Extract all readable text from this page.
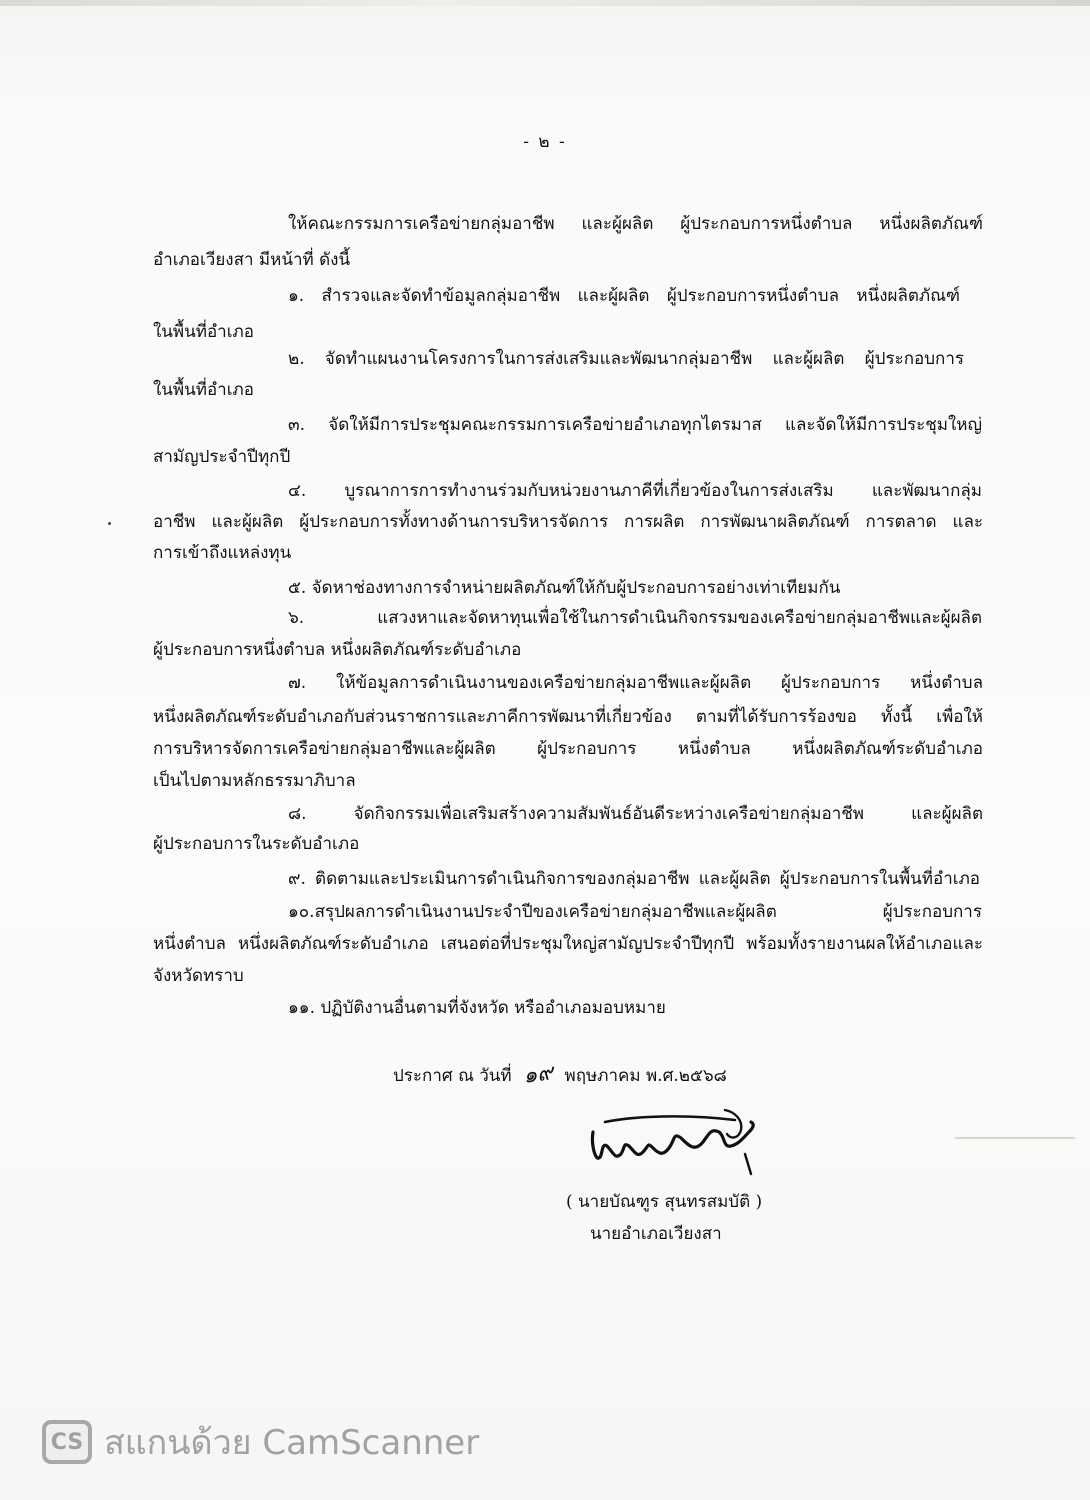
- ๒ -
ให้คณะกรรมการเครือข่ายกลุ่มอาชีพ และผู้ผลิต ผู้ประกอบการหนึ่งตำบล หนึ่งผลิตภัณฑ์
อำเภอเวียงสา มีหน้าที่ ดังนี้
๑. สำรวจและจัดทำข้อมูลกลุ่มอาชีพ และผู้ผลิต ผู้ประกอบการหนึ่งตำบล หนึ่งผลิตภัณฑ์
ในพื้นที่อำเภอ
๒. จัดทำแผนงานโครงการในการส่งเสริมและพัฒนากลุ่มอาชีพ และผู้ผลิต ผู้ประกอบการ
ในพื้นที่อำเภอ
๓. จัดให้มีการประชุมคณะกรรมการเครือข่ายอำเภอทุกไตรมาส และจัดให้มีการประชุมใหญ่
สามัญประจำปีทุกปี
๔. บูรณาการการทำงานร่วมกับหน่วยงานภาคีที่เกี่ยวข้องในการส่งเสริม และพัฒนากลุ่ม
อาชีพ และผู้ผลิต ผู้ประกอบการทั้งทางด้านการบริหารจัดการ การผลิต การพัฒนาผลิตภัณฑ์ การตลาด และ
การเข้าถึงแหล่งทุน
๕. จัดหาช่องทางการจำหน่ายผลิตภัณฑ์ให้กับผู้ประกอบการอย่างเท่าเทียมกัน
๖. แสวงหาและจัดหาทุนเพื่อใช้ในการดำเนินกิจกรรมของเครือข่ายกลุ่มอาชีพและผู้ผลิต
ผู้ประกอบการหนึ่งตำบล หนึ่งผลิตภัณฑ์ระดับอำเภอ
๗. ให้ข้อมูลการดำเนินงานของเครือข่ายกลุ่มอาชีพและผู้ผลิต ผู้ประกอบการ หนึ่งตำบล
หนึ่งผลิตภัณฑ์ระดับอำเภอกับส่วนราชการและภาคีการพัฒนาที่เกี่ยวข้อง ตามที่ได้รับการร้องขอ ทั้งนี้ เพื่อให้
การบริหารจัดการเครือข่ายกลุ่มอาชีพและผู้ผลิต ผู้ประกอบการ หนึ่งตำบล หนึ่งผลิตภัณฑ์ระดับอำเภอ
เป็นไปตามหลักธรรมาภิบาล
๘. จัดกิจกรรมเพื่อเสริมสร้างความสัมพันธ์อันดีระหว่างเครือข่ายกลุ่มอาชีพ และผู้ผลิต
ผู้ประกอบการในระดับอำเภอ
๙. ติดตามและประเมินการดำเนินกิจการของกลุ่มอาชีพ และผู้ผลิต ผู้ประกอบการในพื้นที่อำเภอ
๑๐.สรุปผลการดำเนินงานประจำปีของเครือข่ายกลุ่มอาชีพและผู้ผลิต ผู้ประกอบการ
หนึ่งตำบล หนึ่งผลิตภัณฑ์ระดับอำเภอ เสนอต่อที่ประชุมใหญ่สามัญประจำปีทุกปี พร้อมทั้งรายงานผลให้อำเภอและ
จังหวัดทราบ
๑๑. ปฏิบัติงานอื่นตามที่จังหวัด หรืออำเภอมอบหมาย
ประกาศ ณ วันที่ ๑๙ พฤษภาคม พ.ศ.๒๕๖๘
( นายบัณฑูร สุนทรสมบัติ )
นายอำเภอเวียงสา
CS สแกนด้วย CamScanner
